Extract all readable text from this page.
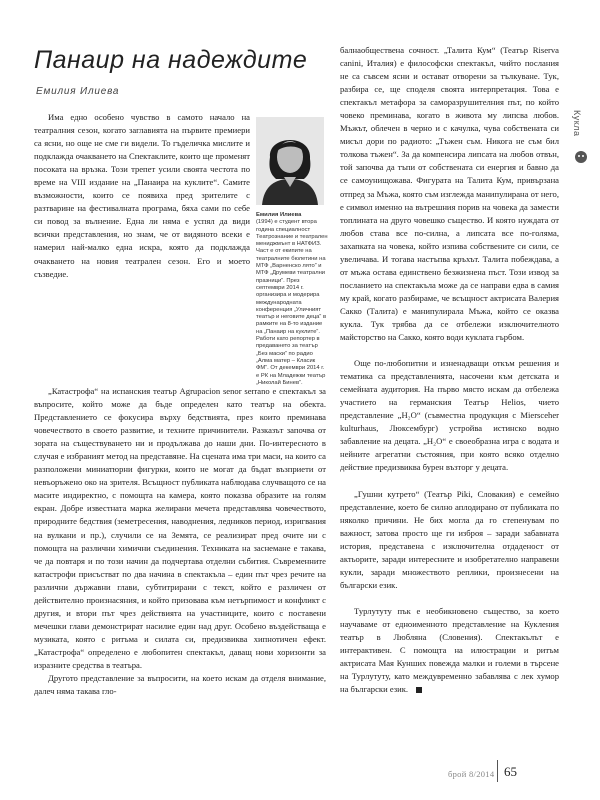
Панаир на надеждите
Емилия Илиева

Има едно особено чувство в самото начало на театралния сезон, когато заглавията на първите премиери са ясни, но още не сме ги видели. То гъделичка мислите и подклажда очакването на Спектаклите, които ще променят посоката на връзка. Този трепет усили своята честота по време на VIII издание на „Панаира на куклите“. Самите възможности, които се появиха пред зрителите с разтварине на фестивалната програма, бяха сами по себе си повод за вълнение. Една ли няма е успял да види всички представления, но знам, че от видяното всеки е намерил най-малко една искра, която да подклажда очакването на новия театрален сезон. Его и моето съзведие.

Емилия Илиева
(1994) е студент втора година специалност Театрознание и театрален мениджмънт в НАТФИЗ. Част е от екипите на театралните бюлетини на МТФ „Варненско лято“ и МТФ „Друмеви театрални празници“. През септември 2014 г. организира и модерира международната конференция „Уличният театър и неговите деца“ в рамките на 8-то издание на „Панаир на куклите“. Работи като репортер в предаването за театър „Без маски“ по радио „Алма матер – Класик ФМ“. От декември 2014 г. е РК на Младежки театър „Николай Бинев“.

„Катастрофа“ на испанския театър Agrupacion senor serrano е спектакъл за въпросите, който може да бъде определен като театър на обекта. Представлението се фокусира върху бедствията, през които преминава човечеството в своето развитие, и техните причинители. Разказът започва от зората на съществуването ни и продължава до наши дни. По-интересното в случая е избраният метод на представяне. На сцената има три маси, на които са разположени миниатюрни фигурки, които не могат да бъдат възприети от невъоръжено око на зрителя. Всъщност публиката наблюдава случващото се на масите индиректно, с помощта на камера, която показва образите на голям екран. Добре известната марка желирани мечета представлява човечеството, природните бедствия (земетресения, наводнения, ледников период, изригвания на вулкани и пр.), случили се на Земята, се реализират пред очите ни с помощта на различни химични съединения. Техниката на заснемане е такава, че да повтаря и по този начин да подчертава отделни събития. Съвременните катастрофи присъстват по два начина в спектакъла – един път чрез речите на различни държавни глави, субтитрирани с текст, който е различен от действително произнасяния, и който призовава към нетърпимост и конфликт с другия, и втори път чрез действията на участниците, които с поставени мечешки глави демонстрират насилие един над друг. Особено въздействаща е музиката, която с ритъма и силата си, предизвиква хипнотичен ефект. „Катастрофа“ определено е любопитен спектакъл, даващ нови хоризонти за изразните средства в театъра.

Другото представление за въпросити, на което искам да отделя внимание, далеч няма такава гло-

балнаобществена сочност. „Талита Кум“ (Театър Riserva canini, Италия) е философски спектакъл, чийто послания не са съвсем ясни и остават отворени за тълкуване. Тук, разбира се, ще споделя своята интерпретация. Това е спектакъл метафора за саморазрушителния път, по който човеко преминава, когато в живота му липсва любов. Мъжът, облечен в черно и с качулка, чува собствената си мисъл дори по радиото: „Тъжен съм. Никога не съм бил толкова тъжен“. За да компенсира липсата на любов отвън, той започва да тъпи от собствената си енергия и бавно да се самоунищожава. Фигурата на Талита Кум, привързана отпред за Мъжа, която съм изглежда манипулирана от него, е символ именно на вътрешния порив на човека да замести топлината на друго човешко същество. И която нуждата от любов става все по-силна, а липсата все по-голяма, захапката на човека, който изпива собствените си сили, се увеличава. И тогава настъпва кръхът. Талита побеждава, а от мъжа остава единствено безжизнена пъст. Този извод за посланието на спектакъла може да се направи едва в самия му край, когато разбираме, че всъщност актрисата Валерия Сакко (Талита) е манипулирала Мъжа, който се оказва кукла. Тук трябва да се отбележи изключителното майсторство на Сакко, която води куклата гърбом.

Още по-любопитни и изненадващи откъм решения и тематика са представленията, насочени към детската и семейната аудитория. На първо място искам да отбележа участието на германския Театър Helios, чието представление „H₂O“ (съвместна продукция с Miersceher kulturhaus, Люксембург) устройва истинско водно забавление на децата. „H₂O“ е своеобразна игра с водата и нейните агрегатни състояния, при която всяко отделно действие предизвиква бурен възторг у децата.

„Гушни кутрето“ (Театър Piki, Словакия) е семейно представление, което бе силно аплодирано от публиката по няколко причини. Не бих могла да го степенувам по важност, затова просто ще ги изброя – заради забавната история, представена с изключителна отдаденост от актьорите, заради интересните и изобретателно направени кукли, заради множеството реплики, произнесени на български език.

Турлутуту пък е необикновено същество, за което научаваме от едноименното представление на Кукления театър в Любляна (Словения). Спектакълът е интерактивен. С помощта на илюстрации и ритъм актрисата Мая Кунших повежда малки и големи в търсене на Турлутуту, като междувременно забавлява с лек хумор на български език.

Кукла
брой 8/2014 65
